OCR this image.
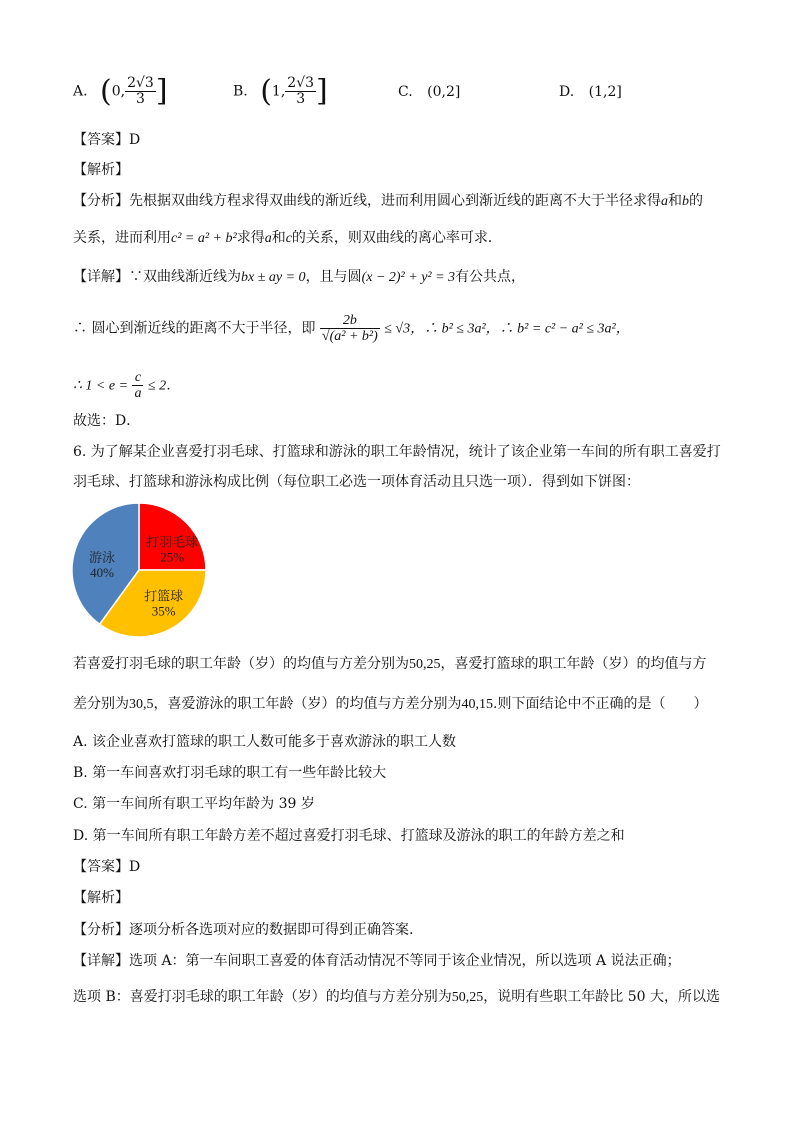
A. (0, $\frac{2√3}{3}$ ]	B. (1, $\frac{2√3}{3}$ ]	C. (0,2]	D. (1,2]
【答案】D
【解析】
【分析】先根据双曲线方程求得双曲线的渐近线，进而利用圆心到渐近线的距离不大于半径求得a和b的
关系，进而利用c² = a² + b²求得a和c的关系，则双曲线的离心率可求．
【详解】∵双曲线渐近线为bx ± ay = 0，且与圆(x − 2)² + y² = 3有公共点，
∴ 圆心到渐近线的距离不大于半径，即 $\frac{2b}{\text{√(a² + b²)}} \le √3$，∴ b² ≤ 3a²，∴ b² = c² − a² ≤ 3a²，
∴ $1 < e = \frac{c}{a} \le 2$．
故选：D．
6. 为了解某企业喜爱打羽毛球、打篮球和游泳的职工年龄情况，统计了该企业第一车间的所有职工喜爱打
羽毛球、打篮球和游泳构成比例（每位职工必选一项体育活动且只选一项）．得到如下饼图：
打羽毛球
25%
打篮球
35%
游泳
40%
若喜爱打羽毛球的职工年龄（岁）的均值与方差分别为50,25，喜爱打篮球的职工年龄（岁）的均值与方
差分别为30,5，喜爱游泳的职工年龄（岁）的均值与方差分别为40,15.则下面结论中不正确的是（　　）
A. 该企业喜欢打篮球的职工人数可能多于喜欢游泳的职工人数
B. 第一车间喜欢打羽毛球的职工有一些年龄比较大
C. 第一车间所有职工平均年龄为 39 岁
D. 第一车间所有职工年龄方差不超过喜爱打羽毛球、打篮球及游泳的职工的年龄方差之和
【答案】D
【解析】
【分析】逐项分析各选项对应的数据即可得到正确答案.
【详解】选项 A：第一车间职工喜爱的体育活动情况不等同于该企业情况，所以选项 A 说法正确；
选项 B：喜爱打羽毛球的职工年龄（岁）的均值与方差分别为50,25，说明有些职工年龄比 50 大，所以选
